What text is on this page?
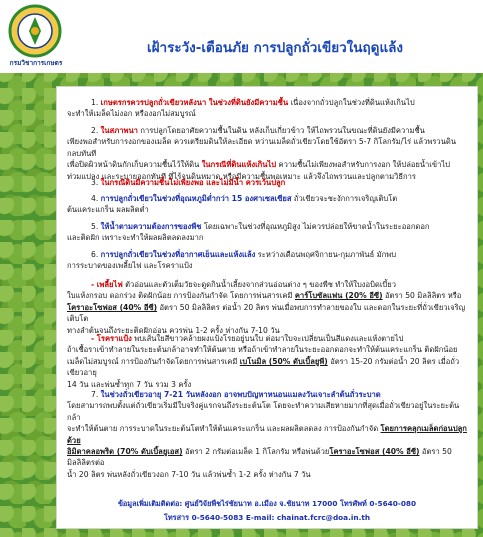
กรมวิชาการเกษตร
เฝ้าระวัง-เตือนภัย การปลูกถั่วเขียวในฤดูแล้ง

1. เกษตรกรควรปลูกถั่วเขียวหลังนา ในช่วงที่ดินยังมีความชื้น เนื่องจากถั่วปลูกในช่วงที่ดินแห้งเกินไป

จะทำให้เมล็ดไม่งอก หรืองอกไม่สมบูรณ์

2. ในสภาพนา การปลูกโดยอาศัยความชื้นในดิน หลังเก็บเกี่ยวข้าว ให้ไถพรวนในขณะที่ดินยังมีความชื้น

เพียงพอสำหรับการงอกของเมล็ด ควรเตรียมดินให้ละเอียด หว่านเมล็ดถั่วเขียวโดยใช้อัตรา 5-7 กิโลกรัม/ไร่ แล้วพรวนดินกลบทันที

เพื่อปิดผิวหน้าดินกักเก็บความชื้นไว้ให้ดิน ในกรณีที่ดินแห้งเกินไป ความชื้นไม่เพียงพอสำหรับการงอก ให้ปล่อยน้ำเข้าไป

ท่วมแปลง และระบายออกทันที ที่ไร้จนดินหมาด หรือมีความชื้นพอเหมาะ แล้วจึงไถพรวนและปลูกตามวิธีการ

3. ในกรณีดินมีความชื้นไม่เพียงพอ และไม่มีน้ำ ควรเว้นปลูก

4. การปลูกถั่วเขียวในช่วงที่อุณหภูมิต่ำกว่า 15 องศาเซลเซียส ถั่วเขียวจะชะงักการเจริญเติบโต

ต้นแคระแกร็น ผลผลิตต่ำ

5. ให้น้ำตามความต้องการของพืช โดยเฉพาะในช่วงที่อุณหภูมิสูง ไม่ควรปล่อยให้ขาดน้ำในระยะออกดอก

และติดฝัก เพราะจะทำให้ผลผลิตลดลงมาก

6. การปลูกถั่วเขียวในช่วงที่อากาศเย็นและแห้งแล้ง ระหว่างเดือนพฤศจิกายน-กุมภาพันธ์ มักพบ

การระบาดของเพลี้ยไฟ และโรคราแป้ง

- เพลี้ยไฟ ตัวอ่อนและตัวเต็มวัยจะดูดกินน้ำเลี้ยงจากส่วนอ่อนต่าง ๆ ของพืช ทำให้ใบงอบิดเบี้ยว

ใบแห้งกรอบ ดอกร่วง ติดฝักน้อย การป้องกันกำจัด โดยการพ่นสารเคมี คาร์โบซัลแฟน (20% อีซี) อัตรา 50 มิลลิลิตร หรือ

โคราอะโซฟอส (40% อีซี) อัตรา 50 มิลลิลิตร ต่อน้ำ 20 ลิตร พ่นเมื่อพบการทำลายของใบ และดอกในระยะที่ถั่วเขียวเจริญเติบโต

ทางลำต้นจนถึงระยะติดฝักอ่อน ควรพ่น 1-2 ครั้ง ห่างกัน 7-10 วัน

- โรคราแป้ง พบเส้นใยสีขาวคล้ายผงแป้งโรยอยู่บนใบ ต่อมาใบจะเปลี่ยนเป็นสีแดงและแห้งตายไป

ถ้าเชื้อราเข้าทำลายในระยะต้นกล้าอาจทำให้ต้นตาย หรือถ้าเข้าทำลายในระยะออกดอกจะทำให้ต้นแคระแกร็น ติดฝักน้อย

เมล็ดไม่สมบูรณ์ การป้องกันกำจัดโดยการพ่นสารเคมี เบโนมิล (50% ดับเบิ้ลยูพี) อัตรา 15-20 กรัมต่อน้ำ 20 ลิตร เมื่อถั่วเขียวอายุ

14 วัน และพ่นซ้ำทุก 7 วัน รวม 3 ครั้ง

7. ในช่วงถั่วเขียวอายุ 7-21 วันหลังงอก อาจพบปัญหาหนอนแมลงวันเจาะลำต้นถั่วระบาด

โดยสามารถพบตั้งแต่ถั่วเขียวเริ่มมีใบจริงคู่แรกจนถึงระยะต้นโต โดยจะทำความเสียหายมากที่สุดเมื่อถั่วเขียวอยู่ในระยะต้นกล้า

จะทำให้ต้นตาย การระบาดในระยะต้นโตทำให้ต้นแคระแกร็น และผลผลิตลดลง การป้องกันกำจัด โดยการคลุกเมล็ดก่อนปลูกด้วย

อิมิดาคลอพริด (70% ดับเบิ้ลยูเอส) อัตรา 2 กรัมต่อเมล็ด 1 กิโลกรัม หรือพ่นด้วยโคราอะโซฟอส (40% อีซี) อัตรา 50 มิลลิลิตรต่อ

น้ำ 20 ลิตร พ่นหลังถั่วเขียวงอก 7-10 วัน แล้วพ่นซ้ำ 1-2 ครั้ง ห่างกัน 7 วัน

ข้อมูลเพิ่มเติมติดต่อ: ศูนย์วิจัยพืชไร่ชัยนาท อ.เมือง จ.ชัยนาท 17000 โทรศัพท์ 0-5640-080
โทรสาร 0-5640-5083 E-mail: chainat.fcrc@doa.in.th
